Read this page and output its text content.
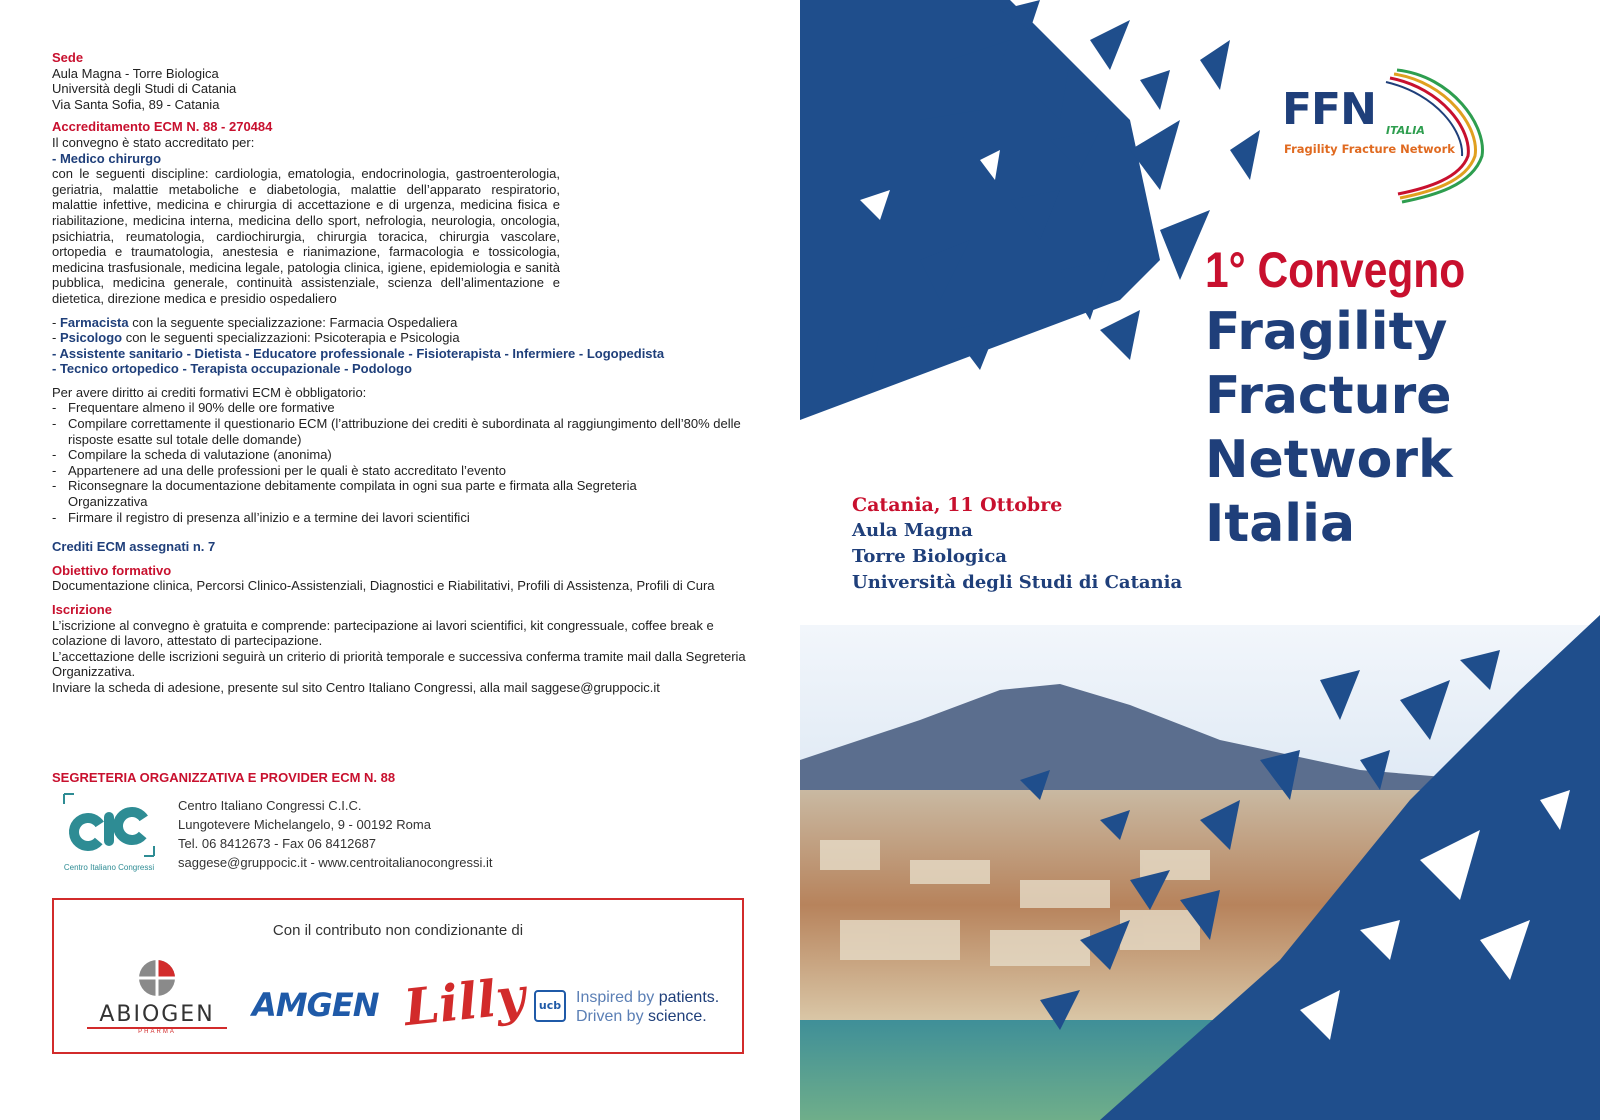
Sede
Aula Magna - Torre Biologica
Università degli Studi di Catania
Via Santa Sofia, 89 - Catania
Accreditamento ECM N. 88 - 270484
Il convegno è stato accreditato per:
- Medico chirurgo
con le seguenti discipline: cardiologia, ematologia, endocrinologia, gastroenterologia, geriatria, malattie metaboliche e diabetologia, malattie dell’apparato respiratorio, malattie infettive, medicina e chirurgia di accettazione e di urgenza, medicina fisica e riabilitazione, medicina interna, medicina dello sport, nefrologia, neurologia, oncologia, psichiatria, reumatologia, cardiochirurgia, chirurgia toracica, chirurgia vascolare, ortopedia e traumatologia, anestesia e rianimazione, farmacologia e tossicologia, medicina trasfusionale, medicina legale, patologia clinica, igiene, epidemiologia e sanità pubblica, medicina generale, continuità assistenziale, scienza dell’alimentazione e dietetica, direzione medica e presidio ospedaliero
- Farmacista con la seguente specializzazione: Farmacia Ospedaliera
- Psicologo con le seguenti specializzazioni: Psicoterapia e Psicologia
- Assistente sanitario - Dietista - Educatore professionale - Fisioterapista - Infermiere - Logopedista
- Tecnico ortopedico - Terapista occupazionale - Podologo
Per avere diritto ai crediti formativi ECM è obbligatorio:
- Frequentare almeno il 90% delle ore formative
- Compilare correttamente il questionario ECM (l’attribuzione dei crediti è subordinata al raggiungimento dell’80% delle risposte esatte sul totale delle domande)
- Compilare la scheda di valutazione (anonima)
- Appartenere ad una delle professioni per le quali è stato accreditato l’evento
- Riconsegnare la documentazione debitamente compilata in ogni sua parte e firmata alla Segreteria Organizzativa
- Firmare il registro di presenza all’inizio e a termine dei lavori scientifici
Crediti ECM assegnati n. 7
Obiettivo formativo
Documentazione clinica, Percorsi Clinico-Assistenziali, Diagnostici e Riabilitativi, Profili di Assistenza, Profili di Cura
Iscrizione
L’iscrizione al convegno è gratuita e comprende: partecipazione ai lavori scientifici, kit congressuale, coffee break e colazione di lavoro, attestato di partecipazione.
L’accettazione delle iscrizioni seguirà un criterio di priorità temporale e successiva conferma tramite mail dalla Segreteria Organizzativa.
Inviare la scheda di adesione, presente sul sito Centro Italiano Congressi, alla mail saggese@gruppocic.it
SEGRETERIA ORGANIZZATIVA E PROVIDER ECM N. 88
Centro Italiano Congressi
Centro Italiano Congressi C.I.C.
Lungotevere Michelangelo, 9 - 00192 Roma
Tel. 06 8412673 - Fax 06 8412687
saggese@gruppocic.it - www.centroitalianocongressi.it
Con il contributo non condizionante di
ABIOGEN
PHARMA
AMGEN Lilly ucb Inspired by patients.
Driven by science.
FFN ITALIA
Fragility Fracture Network
1° Convegno
Fragility
Fracture
Network
Italia
Catania, 11 Ottobre
Aula Magna
Torre Biologica
Università degli Studi di Catania
